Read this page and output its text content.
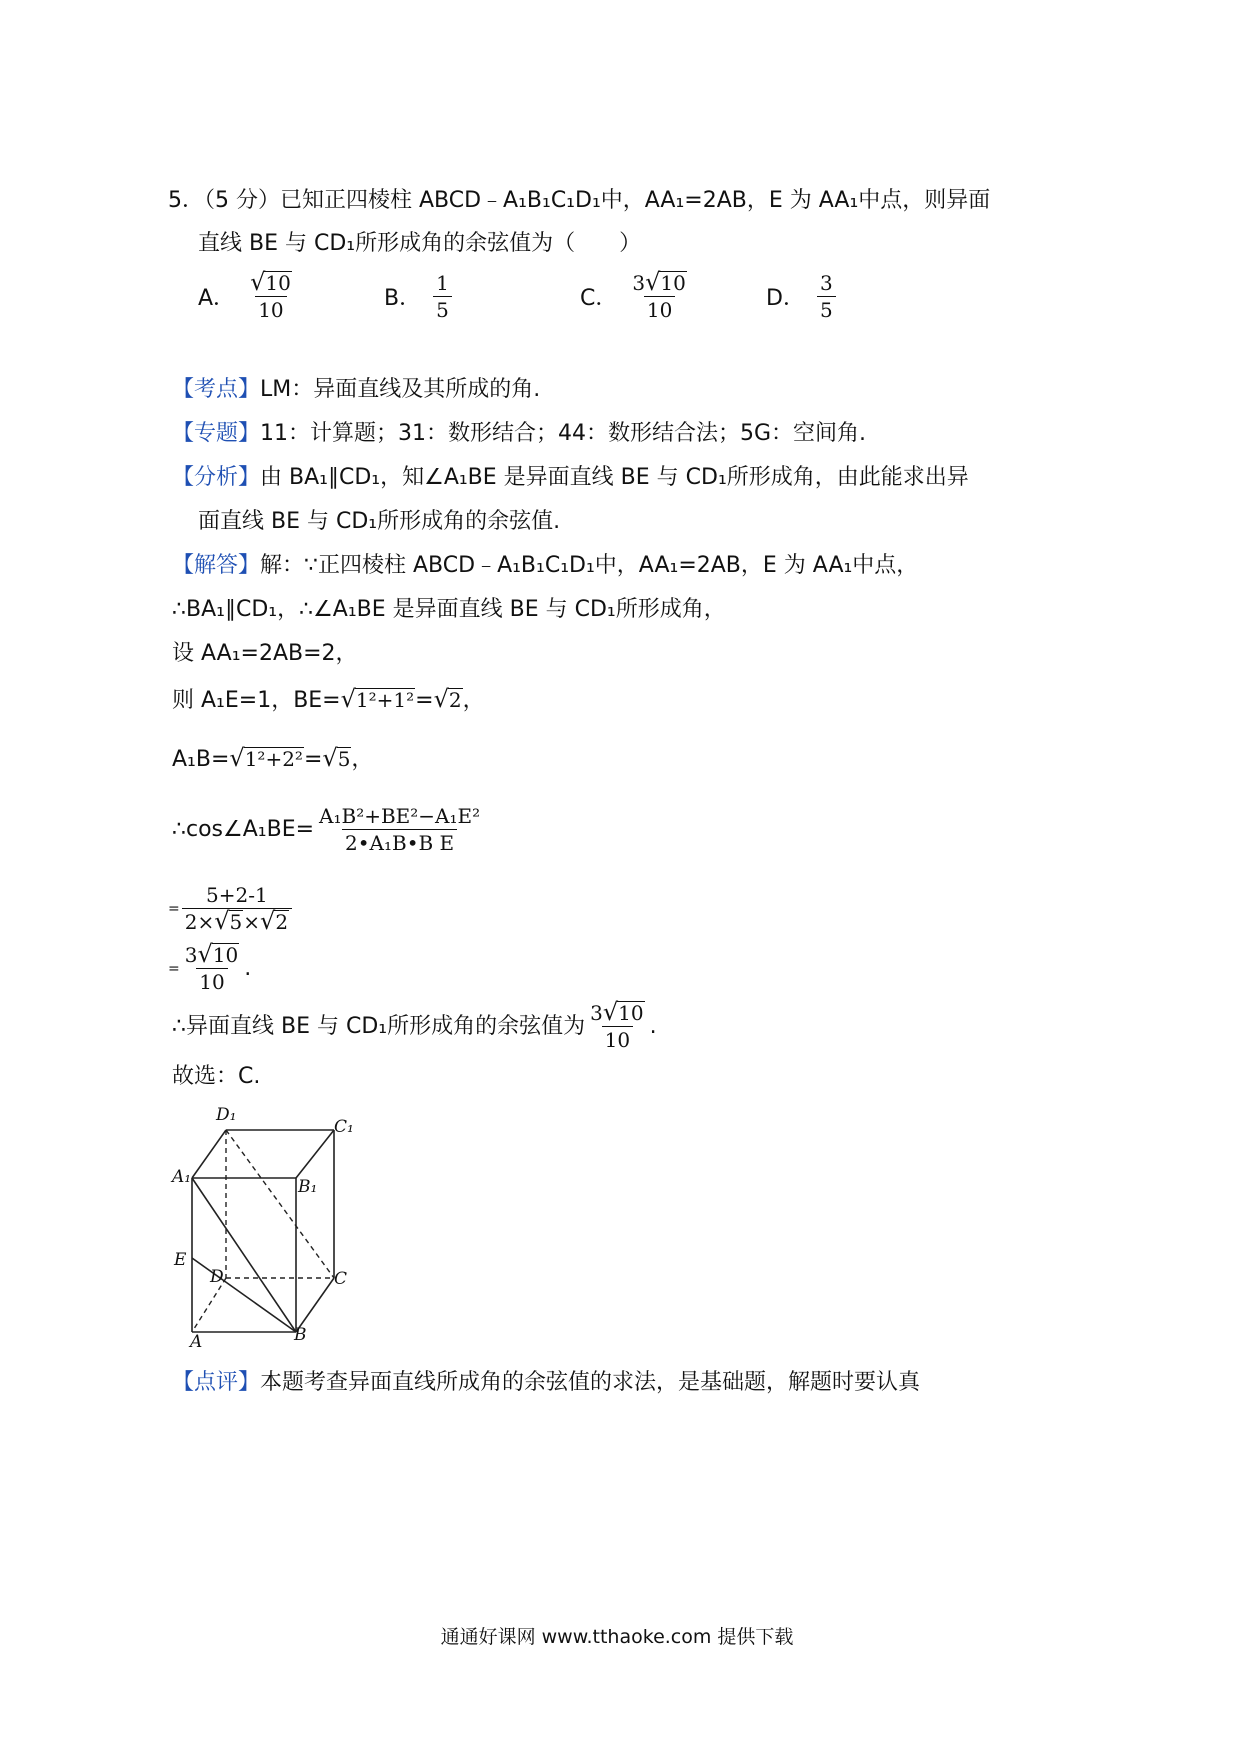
5．（5 分）已知正四棱柱 ABCD﹣A₁B₁C₁D₁中，AA₁=2AB，E 为 AA₁中点，则异面
直线 BE 与 CD₁所形成角的余弦值为（　　）
A． $\frac{√ 10}{10}$	B． $\frac{1}{5}$	C． $\frac{3 √ 10}{10}$	D． $\frac{3}{5}$
【考点】LM：异面直线及其所成的角.
【专题】11：计算题；31：数形结合；44：数形结合法；5G：空间角.
【分析】由 BA₁∥CD₁，知∠A₁BE 是异面直线 BE 与 CD₁所形成角，由此能求出异
面直线 BE 与 CD₁所形成角的余弦值.
【解答】解：∵正四棱柱 ABCD﹣A₁B₁C₁D₁中，AA₁=2AB，E 为 AA₁中点，
∴BA₁∥CD₁，∴∠A₁BE 是异面直线 BE 与 CD₁所形成角，
设 AA₁=2AB=2，
则 A₁E=1，BE= √ 1²+1² = √ 2 ，
A₁B= √ 1²+2² = √ 5 ，
∴cos∠A₁BE= $\frac{\text{A₁B²+BE²−A₁E²}}{\text{2•A₁B•B E}}$
= $\frac{5+2-1}{2\times √ 5 \times √ 2}$
= $\frac{3 √ 10}{10}$ .
∴异面直线 BE 与 CD₁所形成角的余弦值为 $\frac{3 √ 10}{10}$ .
故选：C.
D₁
C₁
A₁	B₁
E
D	C
A	B
【点评】本题考查异面直线所成角的余弦值的求法，是基础题，解题时要认真
通通好课网 www.tthaoke.com 提供下载
